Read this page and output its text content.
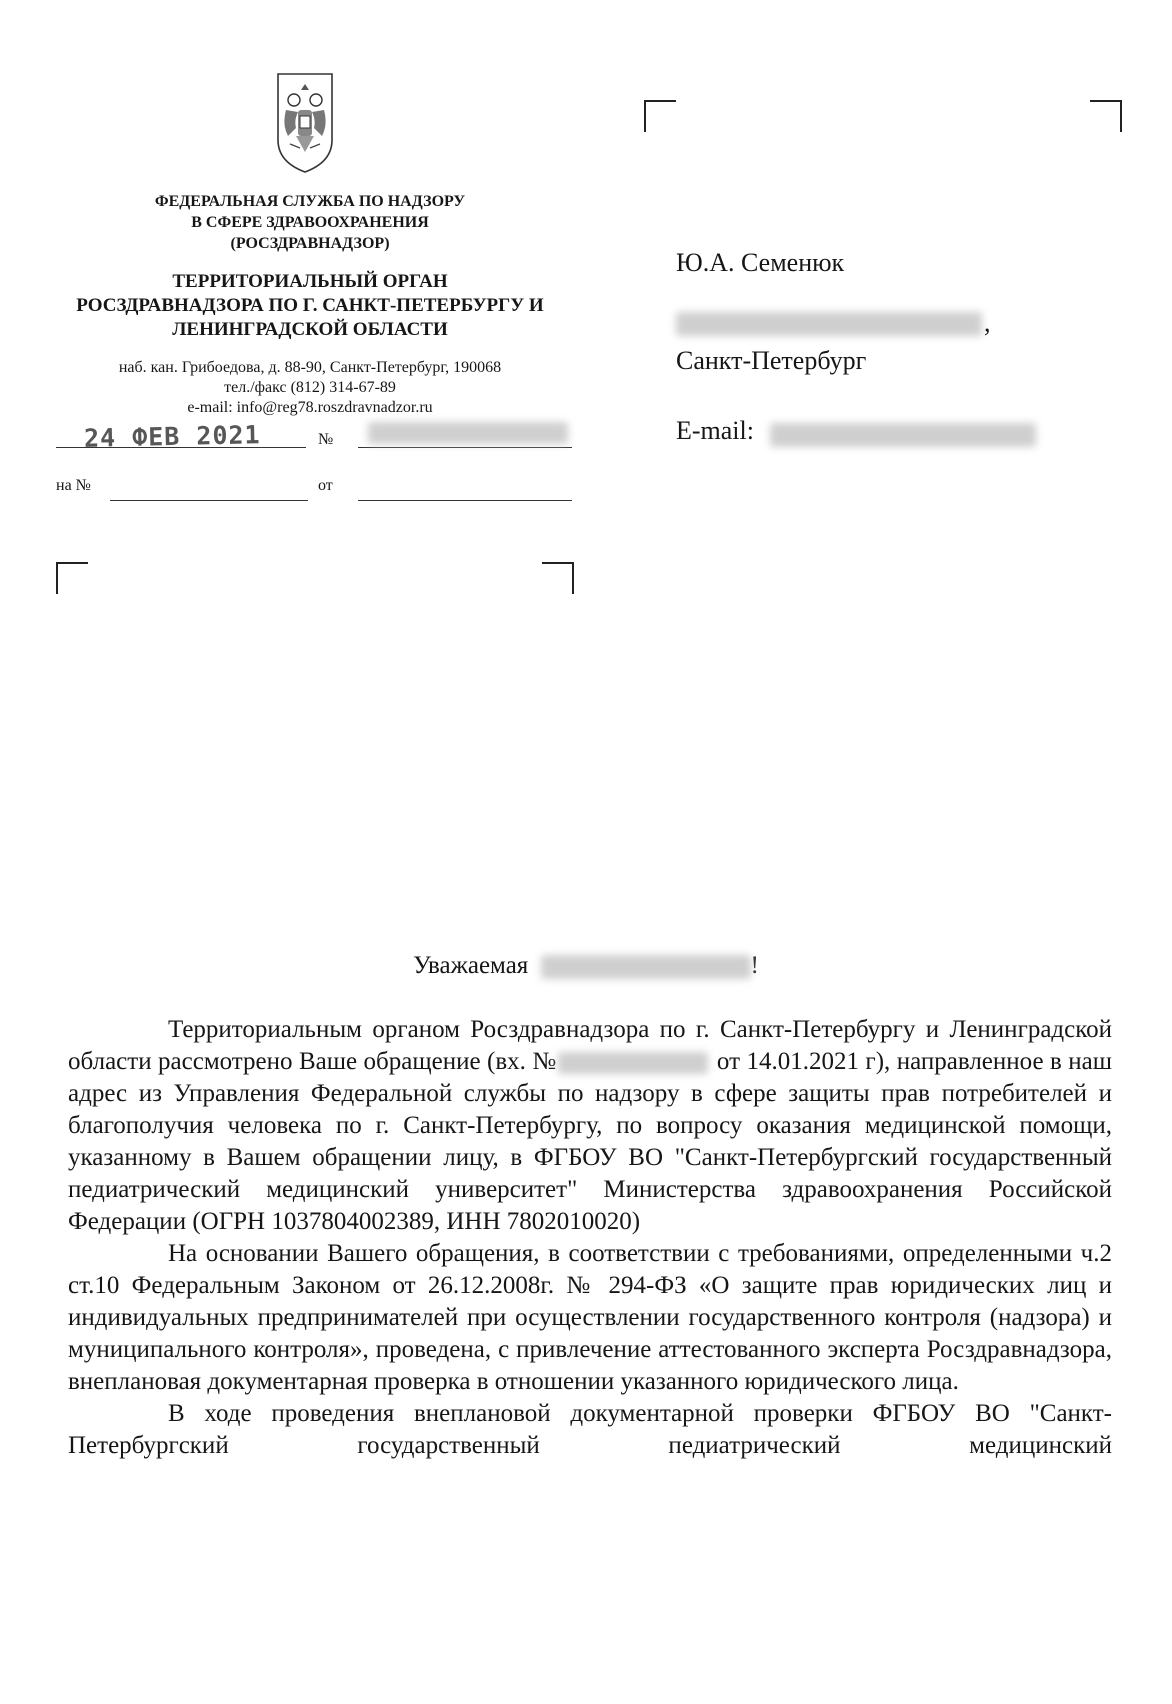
ФЕДЕРАЛЬНАЯ СЛУЖБА ПО НАДЗОРУ
В СФЕРЕ ЗДРАВООХРАНЕНИЯ
(РОСЗДРАВНАДЗОР)
ТЕРРИТОРИАЛЬНЫЙ ОРГАН
РОСЗДРАВНАДЗОРА ПО Г. САНКТ-ПЕТЕРБУРГУ И
ЛЕНИНГРАДСКОЙ ОБЛАСТИ
наб. кан. Грибоедова, д. 88-90, Санкт-Петербург, 190068
тел./факс (812) 314-67-89
e-mail: info@reg78.roszdravnadzor.ru
24 ФЕВ 2021	№
на №	от
Ю.А. Семенюк
,
Санкт-Петербург
E-mail:
Уважаемая	!

Территориальным органом Росздравнадзора по г. Санкт-Петербургу и Ленинградской области рассмотрено Ваше обращение (вх. №	от 14.01.2021 г), направленное в наш адрес из Управления Федеральной службы по надзору в сфере защиты прав потребителей и благополучия человека по г. Санкт-Петербургу, по вопросу оказания медицинской помощи, указанному в Вашем обращении лицу, в ФГБОУ ВО "Санкт-Петербургский государственный педиатрический медицинский университет" Министерства здравоохранения Российской Федерации (ОГРН 1037804002389, ИНН 7802010020)

На основании Вашего обращения, в соответствии с требованиями, определенными ч.2 ст.10 Федеральным Законом от 26.12.2008г. № 294-ФЗ «О защите прав юридических лиц и индивидуальных предпринимателей при осуществлении государственного контроля (надзора) и муниципального контроля», проведена, с привлечение аттестованного эксперта Росздравнадзора, внеплановая документарная проверка в отношении указанного юридического лица.

В ходе проведения внеплановой документарной проверки ФГБОУ ВО "Санкт-Петербургский государственный педиатрический медицинский
